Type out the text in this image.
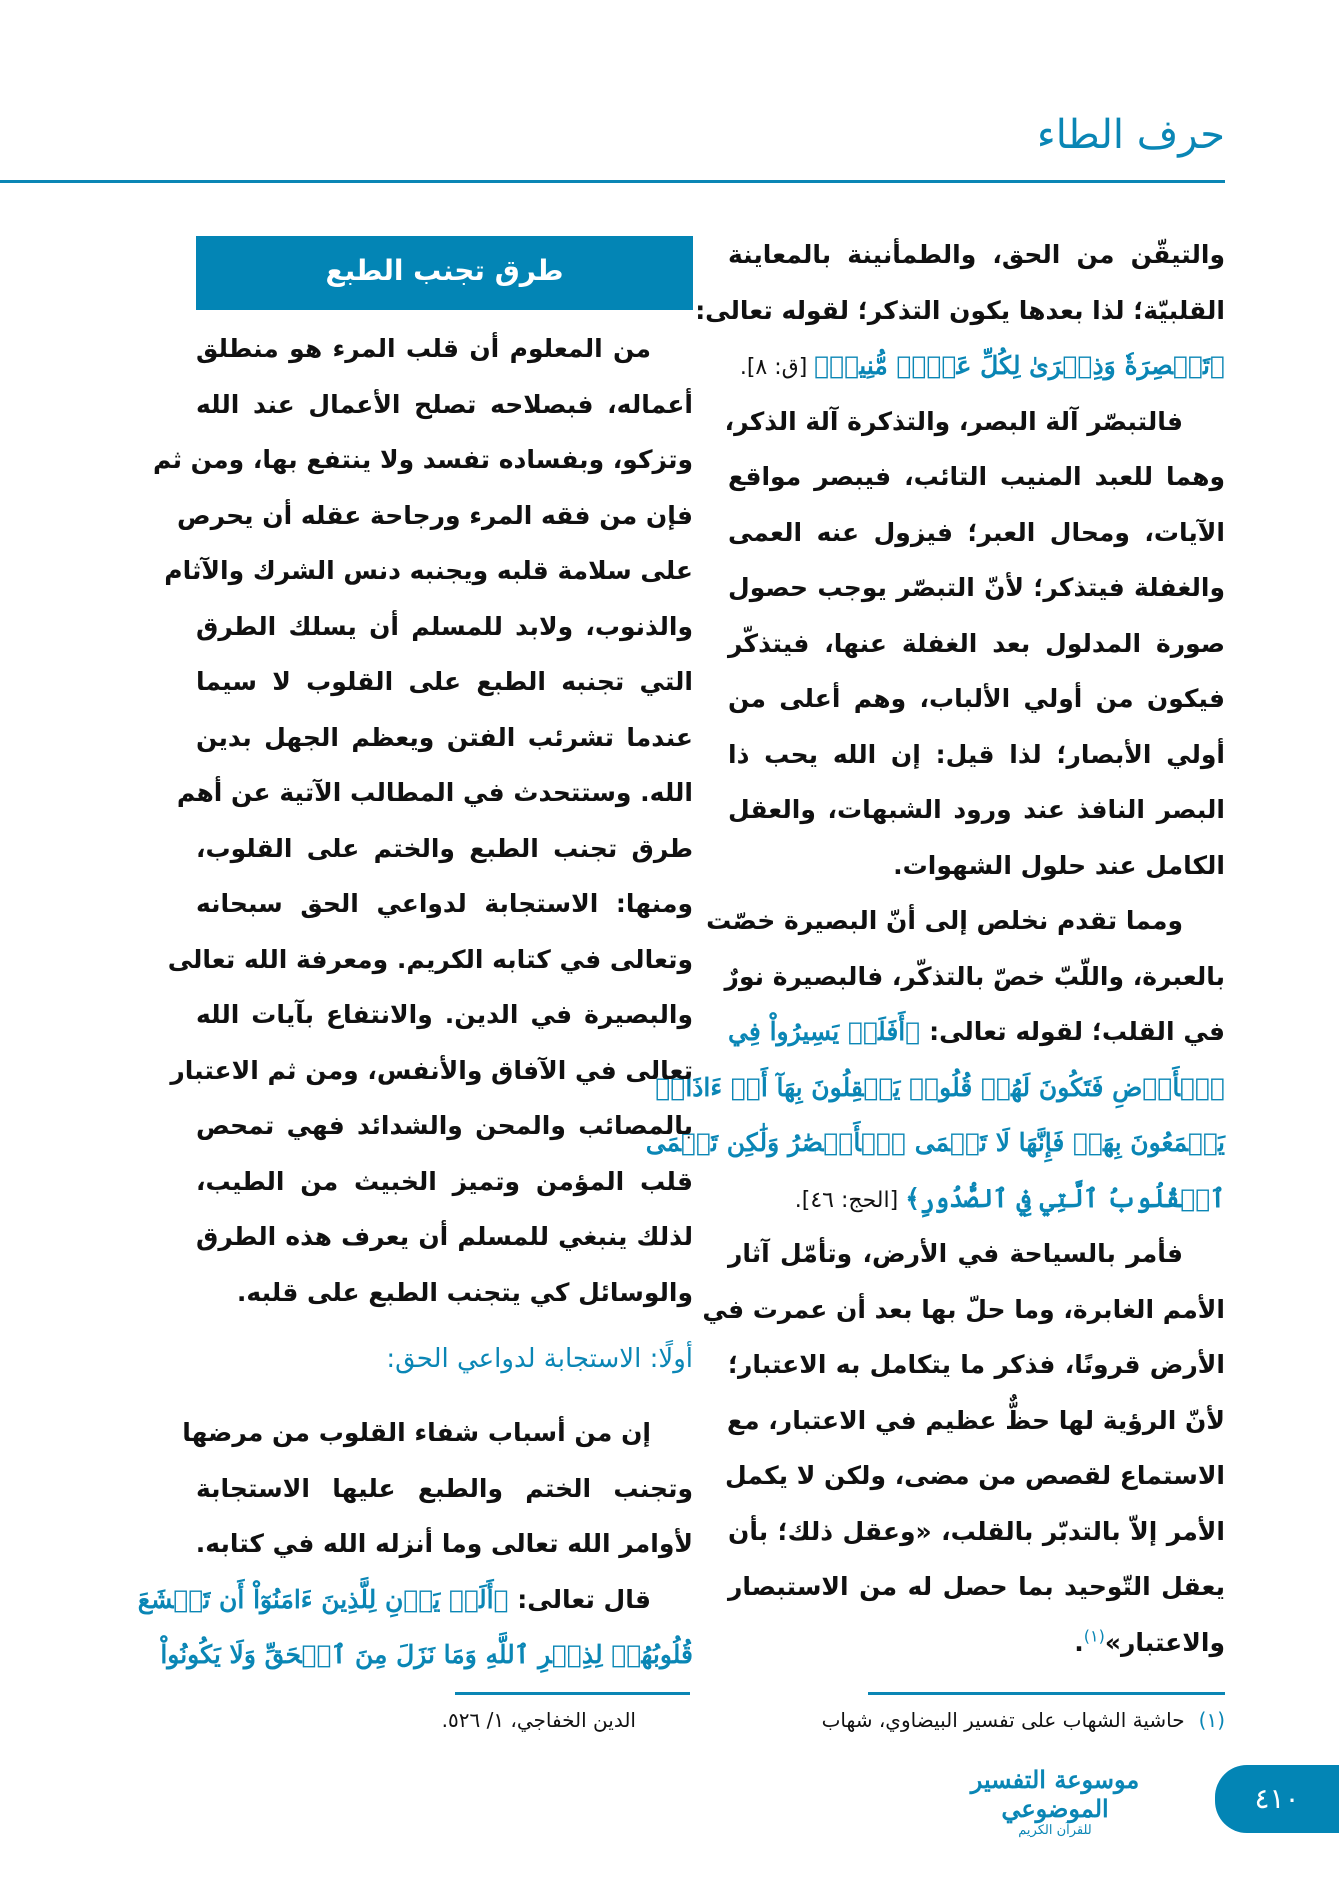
حرف الطاء
والتيقّن من الحق، والطمأنينة بالمعاينة
القلبيّة؛ لذا بعدها يكون التذكر؛ لقوله تعالى:
﴿تَبۡصِرَةٗ وَذِكۡرَىٰ لِكُلِّ عَبۡدٖ مُّنِيبٖ﴾ [ق: ٨].
فالتبصّر آلة البصر، والتذكرة آلة الذكر،
وهما للعبد المنيب التائب، فيبصر مواقع
الآيات، ومحال العبر؛ فيزول عنه العمى
والغفلة فيتذكر؛ لأنّ التبصّر يوجب حصول
صورة المدلول بعد الغفلة عنها، فيتذكّر
فيكون من أولي الألباب، وهم أعلى من
أولي الأبصار؛ لذا قيل: إن الله يحب ذا
البصر النافذ عند ورود الشبهات، والعقل
الكامل عند حلول الشهوات.
ومما تقدم نخلص إلى أنّ البصيرة خصّت
بالعبرة، واللّبّ خصّ بالتذكّر، فالبصيرة نورٌ
في القلب؛ لقوله تعالى: ﴿أَفَلَمۡ يَسِيرُواْ فِي
ٱلۡأَرۡضِ فَتَكُونَ لَهُمۡ قُلُوبٞ يَعۡقِلُونَ بِهَآ أَوۡ ءَاذَانٞ
يَسۡمَعُونَ بِهَاۖ فَإِنَّهَا لَا تَعۡمَى ٱلۡأَبۡصَٰرُ وَلَٰكِن تَعۡمَى
ٱلۡقُلُوبُ ٱلَّتِي فِي ٱلصُّدُورِ﴾ [الحج: ٤٦].
فأمر بالسياحة في الأرض، وتأمّل آثار
الأمم الغابرة، وما حلّ بها بعد أن عمرت في
الأرض قرونًا، فذكر ما يتكامل به الاعتبار؛
لأنّ الرؤية لها حظٌّ عظيم في الاعتبار، مع
الاستماع لقصص من مضى، ولكن لا يكمل
الأمر إلاّ بالتدبّر بالقلب، «وعقل ذلك؛ بأن
يعقل التّوحيد بما حصل له من الاستبصار
والاعتبار»$^{(١)}$.
طرق تجنب الطبع
من المعلوم أن قلب المرء هو منطلق
أعماله، فبصلاحه تصلح الأعمال عند الله
وتزكو، وبفساده تفسد ولا ينتفع بها، ومن ثم
فإن من فقه المرء ورجاحة عقله أن يحرص
على سلامة قلبه ويجنبه دنس الشرك والآثام
والذنوب، ولابد للمسلم أن يسلك الطرق
التي تجنبه الطبع على القلوب لا سيما
عندما تشرئب الفتن ويعظم الجهل بدين
الله. وستتحدث في المطالب الآتية عن أهم
طرق تجنب الطبع والختم على القلوب،
ومنها: الاستجابة لدواعي الحق سبحانه
وتعالى في كتابه الكريم. ومعرفة الله تعالى
والبصيرة في الدين. والانتفاع بآيات الله
تعالى في الآفاق والأنفس، ومن ثم الاعتبار
بالمصائب والمحن والشدائد فهي تمحص
قلب المؤمن وتميز الخبيث من الطيب،
لذلك ينبغي للمسلم أن يعرف هذه الطرق
والوسائل كي يتجنب الطبع على قلبه.
أولًا: الاستجابة لدواعي الحق:
إن من أسباب شفاء القلوب من مرضها
وتجنب الختم والطبع عليها الاستجابة
لأوامر الله تعالى وما أنزله الله في كتابه.
قال تعالى: ﴿أَلَمۡ يَأۡنِ لِلَّذِينَ ءَامَنُوٓاْ أَن تَخۡشَعَ
قُلُوبُهُمۡ لِذِكۡرِ ٱللَّهِ وَمَا نَزَلَ مِنَ ٱلۡحَقِّ وَلَا يَكُونُواْ
(١)حاشية الشهاب على تفسير البيضاوي، شهاب
الدين الخفاجي، ١/ ٥٢٦.
موسوعة التفسير الموضوعي
للقرآن الكريم
٤١٠
